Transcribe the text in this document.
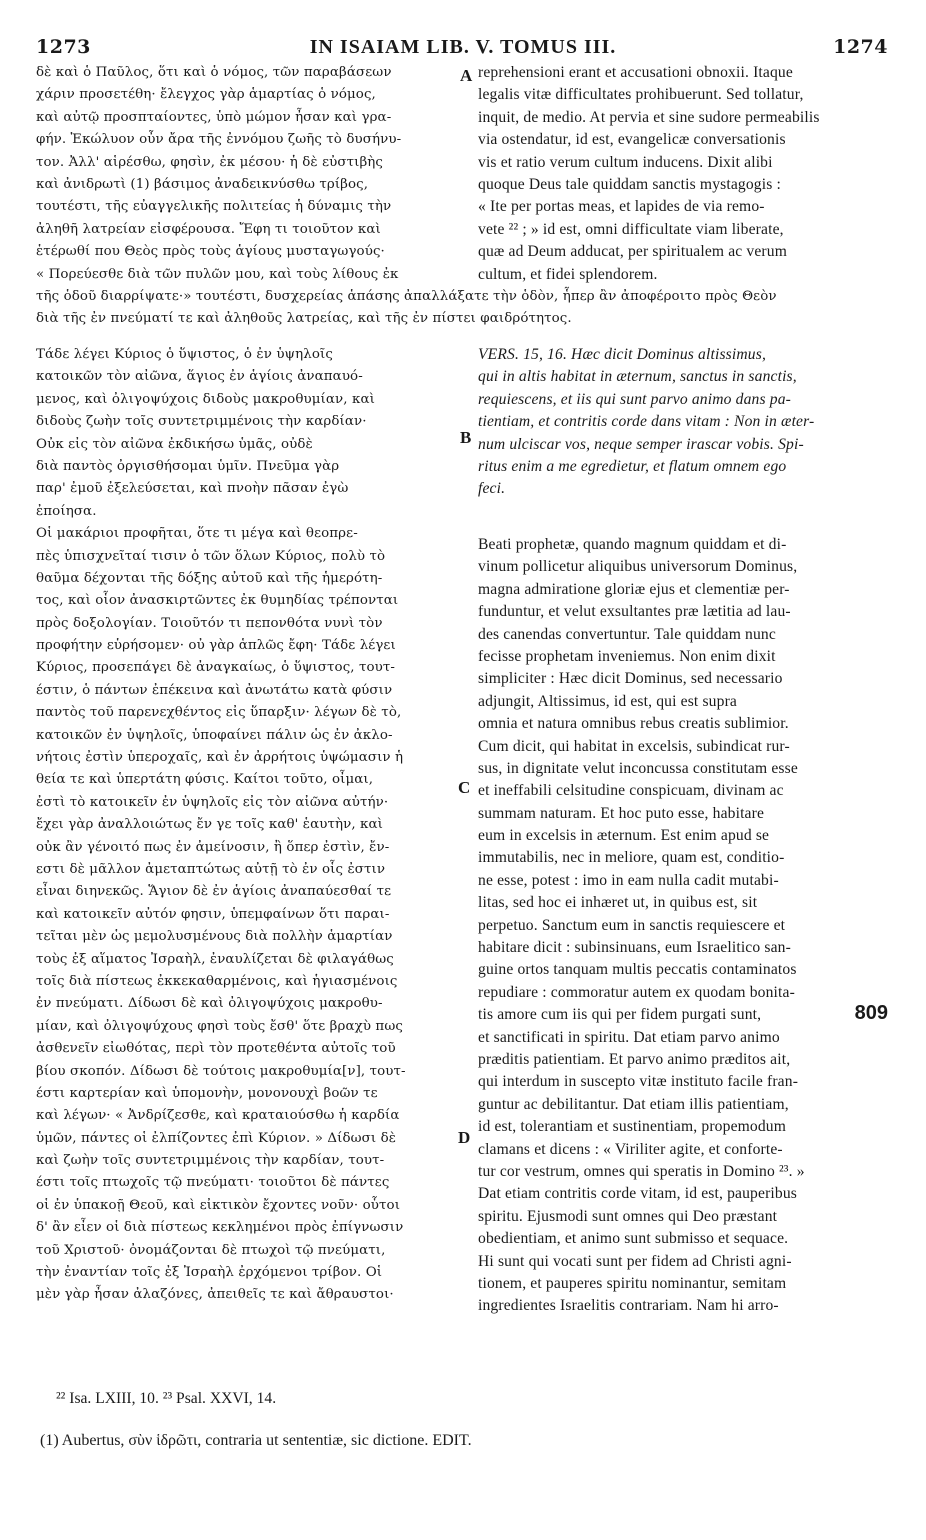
1273	IN ISAIAM LIB. V. TOMUS III.	1274
δὲ καὶ ὁ Παῦλος, ὅτι καὶ ὁ νόμος, τῶν παραβάσεων
χάριν προσετέθη· ἔλεγχος γὰρ ἁμαρτίας ὁ νόμος,
καὶ αὐτῷ προσπταίοντες, ὑπὸ μώμον ἦσαν καὶ γρα-
φήν. Ἐκώλυον οὖν ἄρα τῆς ἐννόμου ζωῆς τὸ δυσήνυ-
τον. Ἀλλ' αἱρέσθω, φησὶν, ἐκ μέσου· ἡ δὲ εὐστιβὴς
καὶ ἀνιδρωτὶ (1) βάσιμος ἀναδεικνύσθω τρίβος,
τουτέστι, τῆς εὐαγγελικῆς πολιτείας ἡ δύναμις τὴν
ἀληθῆ λατρείαν εἰσφέρουσα. Ἔφη τι τοιοῦτον καὶ
ἑτέρωθί που Θεὸς πρὸς τοὺς ἁγίους μυσταγωγούς·
« Πορεύεσθε διὰ τῶν πυλῶν μου, καὶ τοὺς λίθους ἐκ
A reprehensioni erant et accusationi obnoxii. Itaque
legalis vitæ difficultates prohibuerunt. Sed tollatur,
inquit, de medio. At pervia et sine sudore permeabilis
via ostendatur, id est, evangelicæ conversationis
vis et ratio verum cultum inducens. Dixit alibi
quoque Deus tale quiddam sanctis mystagogis :
« Ite per portas meas, et lapides de via remo-
vete ²² ; » id est, omni difficultate viam liberate,
quæ ad Deum adducat, per spiritualem ac verum
cultum, et fidei splendorem.
τῆς ὁδοῦ διαρρίψατε·» τουτέστι, δυσχερείας ἁπάσης ἀπαλλάξατε τὴν ὁδὸν, ἧπερ ἂν ἀποφέροιτο πρὸς Θεὸν
διὰ τῆς ἐν πνεύματί τε καὶ ἀληθοῦς λατρείας, καὶ τῆς ἐν πίστει φαιδρότητος.
Τάδε λέγει Κύριος ὁ ὕψιστος, ὁ ἐν ὑψηλοῖς
κατοικῶν τὸν αἰῶνα, ἅγιος ἐν ἁγίοις ἀναπαυό-
μενος, καὶ ὀλιγοψύχοις διδοὺς μακροθυμίαν, καὶ
διδοὺς ζωὴν τοῖς συντετριμμένοις τὴν καρδίαν·
Οὐκ εἰς τὸν αἰῶνα ἐκδικήσω ὑμᾶς, οὐδὲ
διὰ παντὸς ὀργισθήσομαι ὑμῖν. Πνεῦμα γὰρ
παρ' ἐμοῦ ἐξελεύσεται, καὶ πνοὴν πᾶσαν ἐγὼ
ἐποίησα.
Οἱ μακάριοι προφῆται, ὅτε τι μέγα καὶ θεοπρε-
πὲς ὑπισχνεῖταί τισιν ὁ τῶν ὅλων Κύριος, πολὺ τὸ
θαῦμα δέχονται τῆς δόξης αὐτοῦ καὶ τῆς ἡμερότη-
τος, καὶ οἷον ἀνασκιρτῶντες ἐκ θυμηδίας τρέπονται
πρὸς δοξολογίαν. Τοιοῦτόν τι πεπονθότα νυνὶ τὸν
προφήτην εὑρήσομεν· οὐ γὰρ ἁπλῶς ἔφη· Τάδε λέγει
Κύριος, προσεπάγει δὲ ἀναγκαίως, ὁ ὕψιστος, τουτ-
έστιν, ὁ πάντων ἐπέκεινα καὶ ἀνωτάτω κατὰ φύσιν
παντὸς τοῦ παρενεχθέντος εἰς ὕπαρξιν· λέγων δὲ τὸ,
κατοικῶν ἐν ὑψηλοῖς, ὑποφαίνει πάλιν ὡς ἐν ἀκλο-
νήτοις ἐστὶν ὑπεροχαῖς, καὶ ἐν ἀρρήτοις ὑψώμασιν ἡ
θεία τε καὶ ὑπερτάτη φύσις. Καίτοι τοῦτο, οἶμαι,
ἐστὶ τὸ κατοικεῖν ἐν ὑψηλοῖς εἰς τὸν αἰῶνα αὐτήν·
ἔχει γὰρ ἀναλλοιώτως ἔν γε τοῖς καθ' ἑαυτὴν, καὶ
οὐκ ἂν γένοιτό πως ἐν ἀμείνοσιν, ἢ ὅπερ ἐστὶν, ἔν-
εστι δὲ μᾶλλον ἀμεταπτώτως αὐτῇ τὸ ἐν οἷς ἐστιν
εἶναι διηνεκῶς. Ἅγιον δὲ ἐν ἁγίοις ἀναπαύεσθαί τε
καὶ κατοικεῖν αὐτόν φησιν, ὑπεμφαίνων ὅτι παραι-
τεῖται μὲν ὡς μεμολυσμένους διὰ πολλὴν ἁμαρτίαν
τοὺς ἐξ αἵματος Ἰσραὴλ, ἐναυλίζεται δὲ φιλαγάθως
τοῖς διὰ πίστεως ἐκκεκαθαρμένοις, καὶ ἡγιασμένοις
ἐν πνεύματι. Δίδωσι δὲ καὶ ὀλιγοψύχοις μακροθυ-
μίαν, καὶ ὀλιγοψύχους φησὶ τοὺς ἔσθ' ὅτε βραχὺ πως
ἀσθενεῖν εἰωθότας, περὶ τὸν προτεθέντα αὐτοῖς τοῦ
βίου σκοπόν. Δίδωσι δὲ τούτοις μακροθυμία[ν], τουτ-
έστι καρτερίαν καὶ ὑπομονὴν, μονονουχὶ βοῶν τε
καὶ λέγων· « Ἀνδρίζεσθε, καὶ κραταιούσθω ἡ καρδία
ὑμῶν, πάντες οἱ ἐλπίζοντες ἐπὶ Κύριον. » Δίδωσι δὲ
καὶ ζωὴν τοῖς συντετριμμένοις τὴν καρδίαν, τουτ-
έστι τοῖς πτωχοῖς τῷ πνεύματι· τοιοῦτοι δὲ πάντες
οἱ ἐν ὑπακοῇ Θεοῦ, καὶ εἰκτικὸν ἔχοντες νοῦν· οὗτοι
δ' ἂν εἶεν οἱ διὰ πίστεως κεκλημένοι πρὸς ἐπίγνωσιν
τοῦ Χριστοῦ· ὀνομάζονται δὲ πτωχοὶ τῷ πνεύματι,
τὴν ἐναντίαν τοῖς ἐξ Ἰσραὴλ ἐρχόμενοι τρίβον. Οἱ
μὲν γὰρ ἦσαν ἀλαζόνες, ἀπειθεῖς τε καὶ ἄθραυστοι·
B
C
D
VERS. 15, 16. Hæc dicit Dominus altissimus,
qui in altis habitat in æternum, sanctus in sanctis,
requiescens, et iis qui sunt parvo animo dans pa-
tientiam, et contritis corde dans vitam : Non in æter-
num ulciscar vos, neque semper irascar vobis. Spi-
ritus enim a me egredietur, et flatum omnem ego
feci.
Beati prophetæ, quando magnum quiddam et di-
vinum pollicetur aliquibus universorum Dominus,
magna admiratione gloriæ ejus et clementiæ per-
funduntur, et velut exsultantes præ lætitia ad lau-
des canendas convertuntur. Tale quiddam nunc
fecisse prophetam inveniemus. Non enim dixit
simpliciter : Hæc dicit Dominus, sed necessario
adjungit, Altissimus, id est, qui est supra
omnia et natura omnibus rebus creatis sublimior.
Cum dicit, qui habitat in excelsis, subindicat rur-
sus, in dignitate velut inconcussa constitutam esse
et ineffabili celsitudine conspicuam, divinam ac
summam naturam. Et hoc puto esse, habitare
eum in excelsis in æternum. Est enim apud se
immutabilis, nec in meliore, quam est, conditio-
ne esse, potest : imo in eam nulla cadit mutabi-
litas, sed hoc ei inhæret ut, in quibus est, sit
perpetuo. Sanctum eum in sanctis requiescere et
habitare dicit : subinsinuans, eum Israelitico san-
guine ortos tanquam multis peccatis contaminatos
repudiare : commoratur autem ex quodam bonita-
tis amore cum iis qui per fidem purgati sunt,
et sanctificati in spiritu. Dat etiam parvo animo
præditis patientiam. Et parvo animo præditos ait,
qui interdum in suscepto vitæ instituto facile fran-
guntur ac debilitantur. Dat etiam illis patientiam,
id est, tolerantiam et sustinentiam, propemodum
clamans et dicens : « Viriliter agite, et confortе-
tur cor vestrum, omnes qui speratis in Domino ²³. »
Dat etiam contritis corde vitam, id est, pauperibus
spiritu. Ejusmodi sunt omnes qui Deo præstant
obedientiam, et animo sunt submisso et sequace.
Hi sunt qui vocati sunt per fidem ad Christi agni-
tionem, et pauperes spiritu nominantur, semitam
ingredientes Israelitis contrariam. Nam hi arro-
809
²² Isa. LXIII, 10. ²³ Psal. XXVI, 14.
(1) Aubertus, σὺν ἱδρῶτι, contraria ut sententiæ, sic dictione. EDIT.
